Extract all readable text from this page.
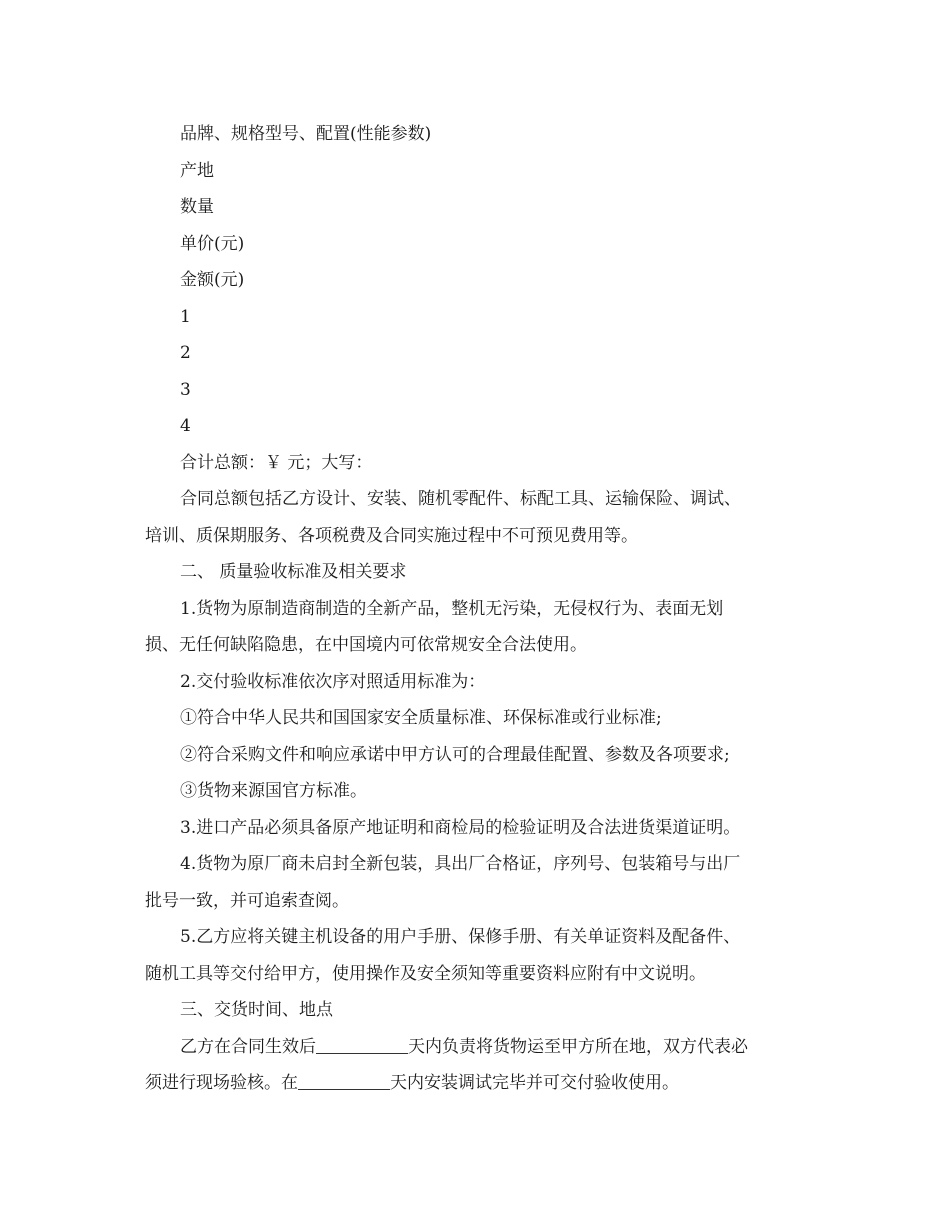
品牌、规格型号、配置(性能参数)

产地

数量

单价(元)

金额(元)

1

2

3

4

合计总额：￥ 元；大写：

合同总额包括乙方设计、安装、随机零配件、标配工具、运输保险、调试、

培训、质保期服务、各项税费及合同实施过程中不可预见费用等。

二、 质量验收标准及相关要求

1.货物为原制造商制造的全新产品，整机无污染，无侵权行为、表面无划

损、无任何缺陷隐患，在中国境内可依常规安全合法使用。

2.交付验收标准依次序对照适用标准为：

①符合中华人民共和国国家安全质量标准、环保标准或行业标准;

②符合采购文件和响应承诺中甲方认可的合理最佳配置、参数及各项要求;

③货物来源国官方标准。

3.进口产品必须具备原产地证明和商检局的检验证明及合法进货渠道证明。

4.货物为原厂商未启封全新包装，具出厂合格证，序列号、包装箱号与出厂

批号一致，并可追索查阅。

5.乙方应将关键主机设备的用户手册、保修手册、有关单证资料及配备件、

随机工具等交付给甲方，使用操作及安全须知等重要资料应附有中文说明。

三、交货时间、地点

乙方在合同生效后	天内负责将货物运至甲方所在地，双方代表必

须进行现场验核。在	天内安装调试完毕并可交付验收使用。
